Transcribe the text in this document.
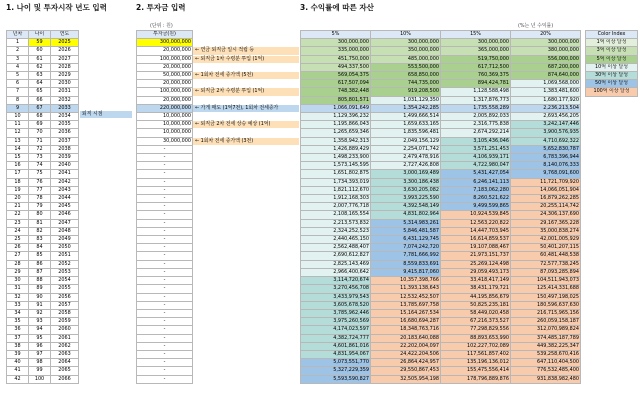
1. 나이 및 투자시작 년도 입력	2. 투자금 입력	3. 수익률에 따른 자산
(단위 : 원)	(%는 년 수익률)
년차	나이	연도
1	59	2025
2	60	2026
3	61	2027
4	62	2028
5	63	2029
6	64	2030
7	65	2031
8	66	2032
9	67	2033
10	68	2034
11	69	2035
12	70	2036
13	71	2037
14	72	2038
15	73	2039
16	74	2040
17	75	2041
18	76	2042
19	77	2043
20	78	2044
21	79	2045
22	80	2046
23	81	2047
24	82	2048
25	83	2049
26	84	2050
27	85	2051
28	86	2052
29	87	2053
30	88	2054
31	89	2055
32	90	2056
33	91	2057
34	92	2058
35	93	2059
36	94	2060
37	95	2061
38	96	2062
39	97	2063
40	98	2064
41	99	2065
42	100	2066
투자금(원)
300,000,000
20,000,000
100,000,000
20,000,000
50,000,000
20,000,000
100,000,000
20,000,000
220,000,000
10,000,000
10,000,000
10,000,000
30,000,000
-
-
-
-
-
-
-
-
-
-
-
-
-
-
-
-
-
-
-
-
-
-
-
-
-
-
-
-
-
5%	10%	15%	20%
300,000,000	300,000,000	300,000,000	300,000,000
335,000,000	350,000,000	365,000,000	380,000,000
451,750,000	485,000,000	519,750,000	556,000,000
494,337,500	553,500,000	617,712,500	687,200,000
569,054,375	658,850,000	760,369,375	874,640,000
617,507,094	744,735,000	894,424,781	1,069,568,000
748,382,448	919,208,500	1,128,588,498	1,383,481,600
805,801,571	1,031,129,350	1,317,876,773	1,680,177,920
1,066,091,649	1,354,242,285	1,735,558,289	2,236,213,504
1,129,396,232	1,499,666,514	2,005,892,033	2,693,456,205
1,195,866,043	1,659,633,165	2,316,775,838	3,242,147,446
1,265,659,346	1,835,596,481	2,674,292,214	3,900,576,935
1,358,942,313	2,049,156,129	3,105,436,046	4,710,692,322
1,426,889,429	2,254,071,742	3,571,251,453	5,652,830,787
1,498,233,900	2,479,478,916	4,106,939,171	6,783,396,944
1,573,145,595	2,727,426,808	4,722,980,047	8,140,076,333
1,651,802,875	3,000,169,489	5,431,427,054	9,768,091,600
1,734,393,019	3,300,186,438	6,246,141,113	11,721,709,920
1,821,112,670	3,630,205,082	7,183,062,280	14,066,051,904
1,912,168,303	3,993,225,590	8,260,521,622	16,879,262,285
2,007,776,718	4,392,548,149	9,499,599,865	20,255,114,742
2,108,165,554	4,831,802,964	10,924,539,845	24,306,137,690
2,213,573,832	5,314,983,261	12,563,220,822	29,167,365,228
2,324,252,523	5,846,481,587	14,447,703,945	35,000,838,274
2,440,465,150	6,431,129,745	16,614,859,537	42,001,005,929
2,562,488,407	7,074,242,720	19,107,088,467	50,401,207,115
2,690,612,827	7,781,666,992	21,973,151,737	60,481,448,538
2,825,143,469	8,559,833,691	25,269,124,498	72,577,738,245
2,966,400,642	9,415,817,060	29,059,493,173	87,093,285,894
3,114,720,674	10,357,398,766	33,418,417,149	104,511,943,073
3,270,456,708	11,393,138,643	38,431,179,721	125,414,331,688
3,433,979,543	12,532,452,507	44,195,856,679	150,497,198,025
3,605,678,520	13,785,697,758	50,825,235,181	180,596,637,630
3,785,962,446	15,164,267,534	58,449,020,458	216,715,965,156
3,975,260,569	16,680,694,287	67,216,373,527	260,059,158,187
4,174,023,597	18,348,763,716	77,298,829,556	312,070,989,824
4,382,724,777	20,183,640,088	88,893,653,990	374,485,187,789
4,601,861,016	22,202,004,097	102,227,702,089	449,382,225,347
4,831,954,067	24,422,204,506	117,561,857,402	539,258,670,416
5,073,551,770	26,864,424,957	135,196,136,012	647,110,404,500
5,327,229,359	29,550,867,453	155,475,556,414	776,532,485,400
5,593,590,827	32,505,954,198	178,796,889,876	931,838,982,480
← 연금 퇴직금 일시 적립 등
← 퇴직금 1차 수령분 투입 (1억)
← 1회차 전세 증가액 (5천)
← 퇴직금 2차 수령분 투입 (1억)
← 가게 매도 (1억7천), 1회차 전세증가
← 퇴직금 2차 전세 상승 예상 (1억)
← 1회차 전세 증가액 (3천)
퇴직 시점
Color Index
1억 이상 달성
3억 이상 달성
5억 이상 달성
10억 이상 달성
30억 이상 달성
50억 이상 달성
100억 이상 달성
